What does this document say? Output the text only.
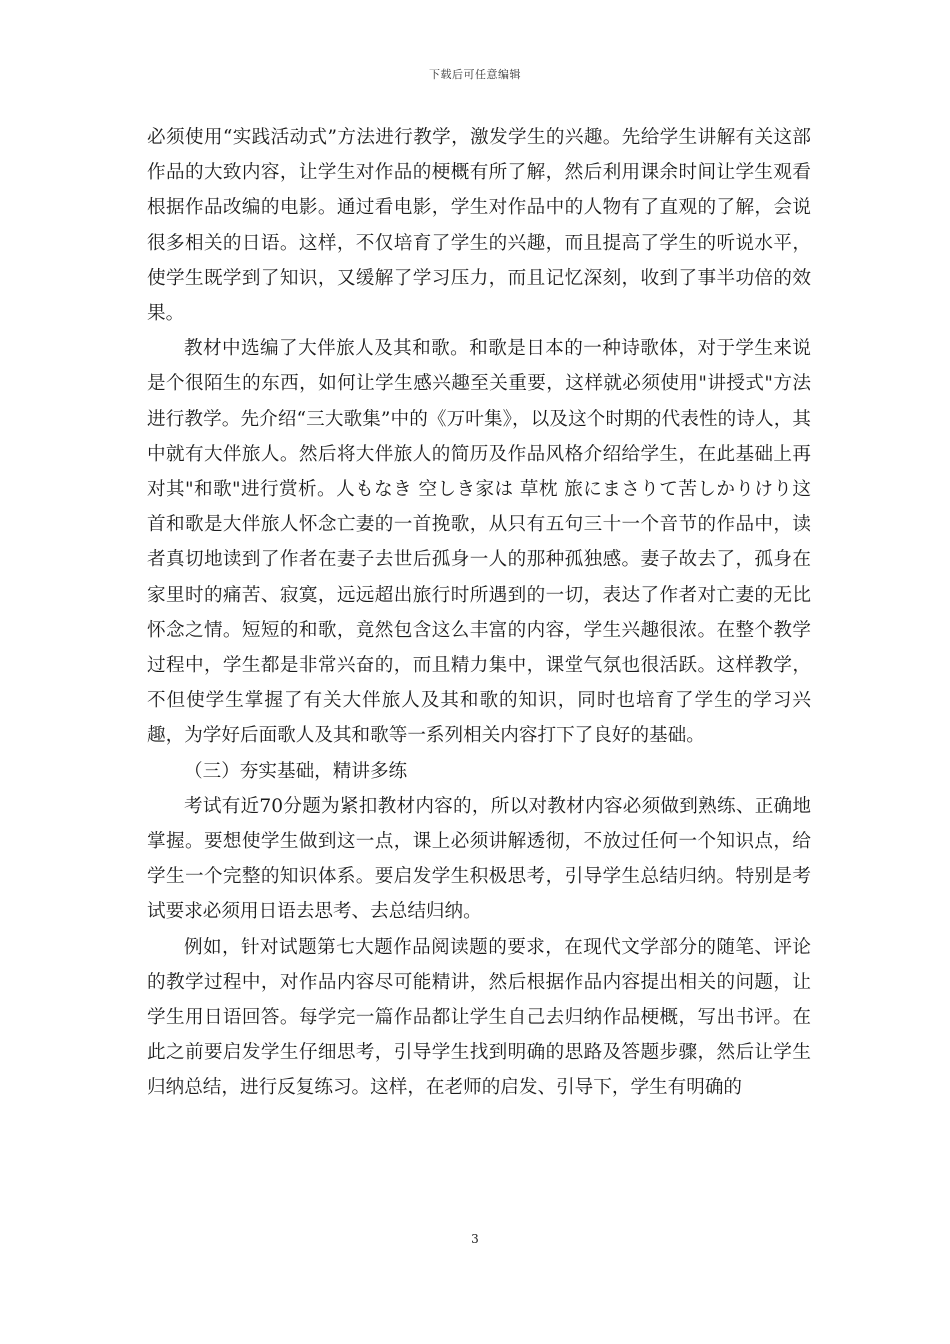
下载后可任意编辑

必须使用“实践活动式”方法进行教学，激发学生的兴趣。先给学生讲解有关这部作品的大致内容，让学生对作品的梗概有所了解，然后利用课余时间让学生观看根据作品改编的电影。通过看电影，学生对作品中的人物有了直观的了解，会说很多相关的日语。这样，不仅培育了学生的兴趣，而且提高了学生的听说水平，使学生既学到了知识，又缓解了学习压力，而且记忆深刻，收到了事半功倍的效果。

教材中选编了大伴旅人及其和歌。和歌是日本的一种诗歌体，对于学生来说是个很陌生的东西，如何让学生感兴趣至关重要，这样就必须使用"讲授式"方法进行教学。先介绍“三大歌集”中的《万叶集》，以及这个时期的代表性的诗人，其中就有大伴旅人。然后将大伴旅人的简历及作品风格介绍给学生，在此基础上再对其"和歌"进行赏析。人もなき 空しき家は 草枕 旅にまさりて苦しかりけり这首和歌是大伴旅人怀念亡妻的一首挽歌，从只有五句三十一个音节的作品中，读者真切地读到了作者在妻子去世后孤身一人的那种孤独感。妻子故去了，孤身在家里时的痛苦、寂寞，远远超出旅行时所遇到的一切，表达了作者对亡妻的无比怀念之情。短短的和歌，竟然包含这么丰富的内容，学生兴趣很浓。在整个教学过程中，学生都是非常兴奋的，而且精力集中，课堂气氛也很活跃。这样教学，不但使学生掌握了有关大伴旅人及其和歌的知识，同时也培育了学生的学习兴趣，为学好后面歌人及其和歌等一系列相关内容打下了良好的基础。

（三）夯实基础，精讲多练

考试有近70分题为紧扣教材内容的，所以对教材内容必须做到熟练、正确地掌握。要想使学生做到这一点，课上必须讲解透彻，不放过任何一个知识点，给学生一个完整的知识体系。要启发学生积极思考，引导学生总结归纳。特别是考试要求必须用日语去思考、去总结归纳。

例如，针对试题第七大题作品阅读题的要求，在现代文学部分的随笔、评论的教学过程中，对作品内容尽可能精讲，然后根据作品内容提出相关的问题，让学生用日语回答。每学完一篇作品都让学生自己去归纳作品梗概，写出书评。在此之前要启发学生仔细思考，引导学生找到明确的思路及答题步骤，然后让学生归纳总结，进行反复练习。这样，在老师的启发、引导下，学生有明确的

3
